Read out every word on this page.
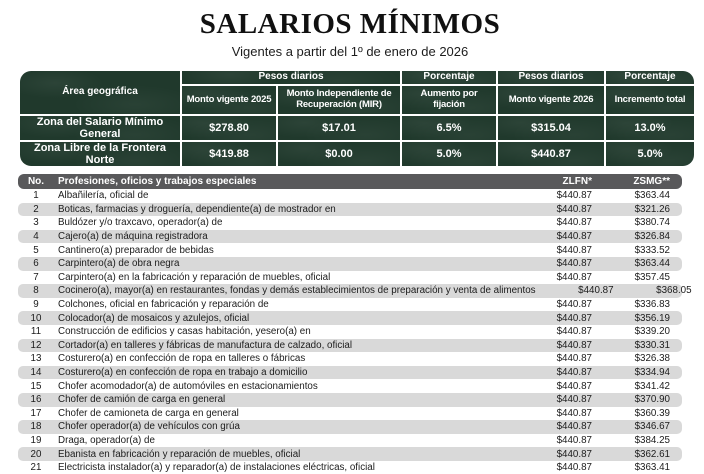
SALARIOS MÍNIMOS
Vigentes a partir del 1º de enero de 2026
Área geográfica	Pesos diarios		Porcentaje	Pesos diarios	Porcentaje
	Monto vigente 2025	Monto Independiente de Recuperación (MIR)	Aumento por fijación	Monto vigente 2026	Incremento total
Zona del Salario Mínimo General	$278.80	$17.01	6.5%	$315.04	13.0%
Zona Libre de la Frontera Norte	$419.88	$0.00	5.0%	$440.87	5.0%
No.	Profesiones, oficios y trabajos especiales	ZLFN*	ZSMG**
1	Albañilería, oficial de	$440.87	$363.44
2	Boticas, farmacias y droguería, dependiente(a) de mostrador en	$440.87	$321.26
3	Buldózer y/o traxcavo, operador(a) de	$440.87	$380.74
4	Cajero(a) de máquina registradora	$440.87	$326.84
5	Cantinero(a) preparador de bebidas	$440.87	$333.52
6	Carpintero(a) de obra negra	$440.87	$363.44
7	Carpintero(a) en la fabricación y reparación de muebles, oficial	$440.87	$357.45
8	Cocinero(a), mayor(a) en restaurantes, fondas y demás establecimientos de preparación y venta de alimentos	$440.87	$368.05
9	Colchones, oficial en fabricación y reparación de	$440.87	$336.83
10	Colocador(a) de mosaicos y azulejos, oficial	$440.87	$356.19
11	Construcción de edificios y casas habitación, yesero(a) en	$440.87	$339.20
12	Cortador(a) en talleres y fábricas de manufactura de calzado, oficial	$440.87	$330.31
13	Costurero(a) en confección de ropa en talleres o fábricas	$440.87	$326.38
14	Costurero(a) en confección de ropa en trabajo a domicilio	$440.87	$334.94
15	Chofer acomodador(a) de automóviles en estacionamientos	$440.87	$341.42
16	Chofer de camión de carga en general	$440.87	$370.90
17	Chofer de camioneta de carga en general	$440.87	$360.39
18	Chofer operador(a) de vehículos con grúa	$440.87	$346.67
19	Draga, operador(a) de	$440.87	$384.25
20	Ebanista en fabricación y reparación de muebles, oficial	$440.87	$362.61
21	Electricista instalador(a) y reparador(a) de instalaciones eléctricas, oficial	$440.87	$363.41
